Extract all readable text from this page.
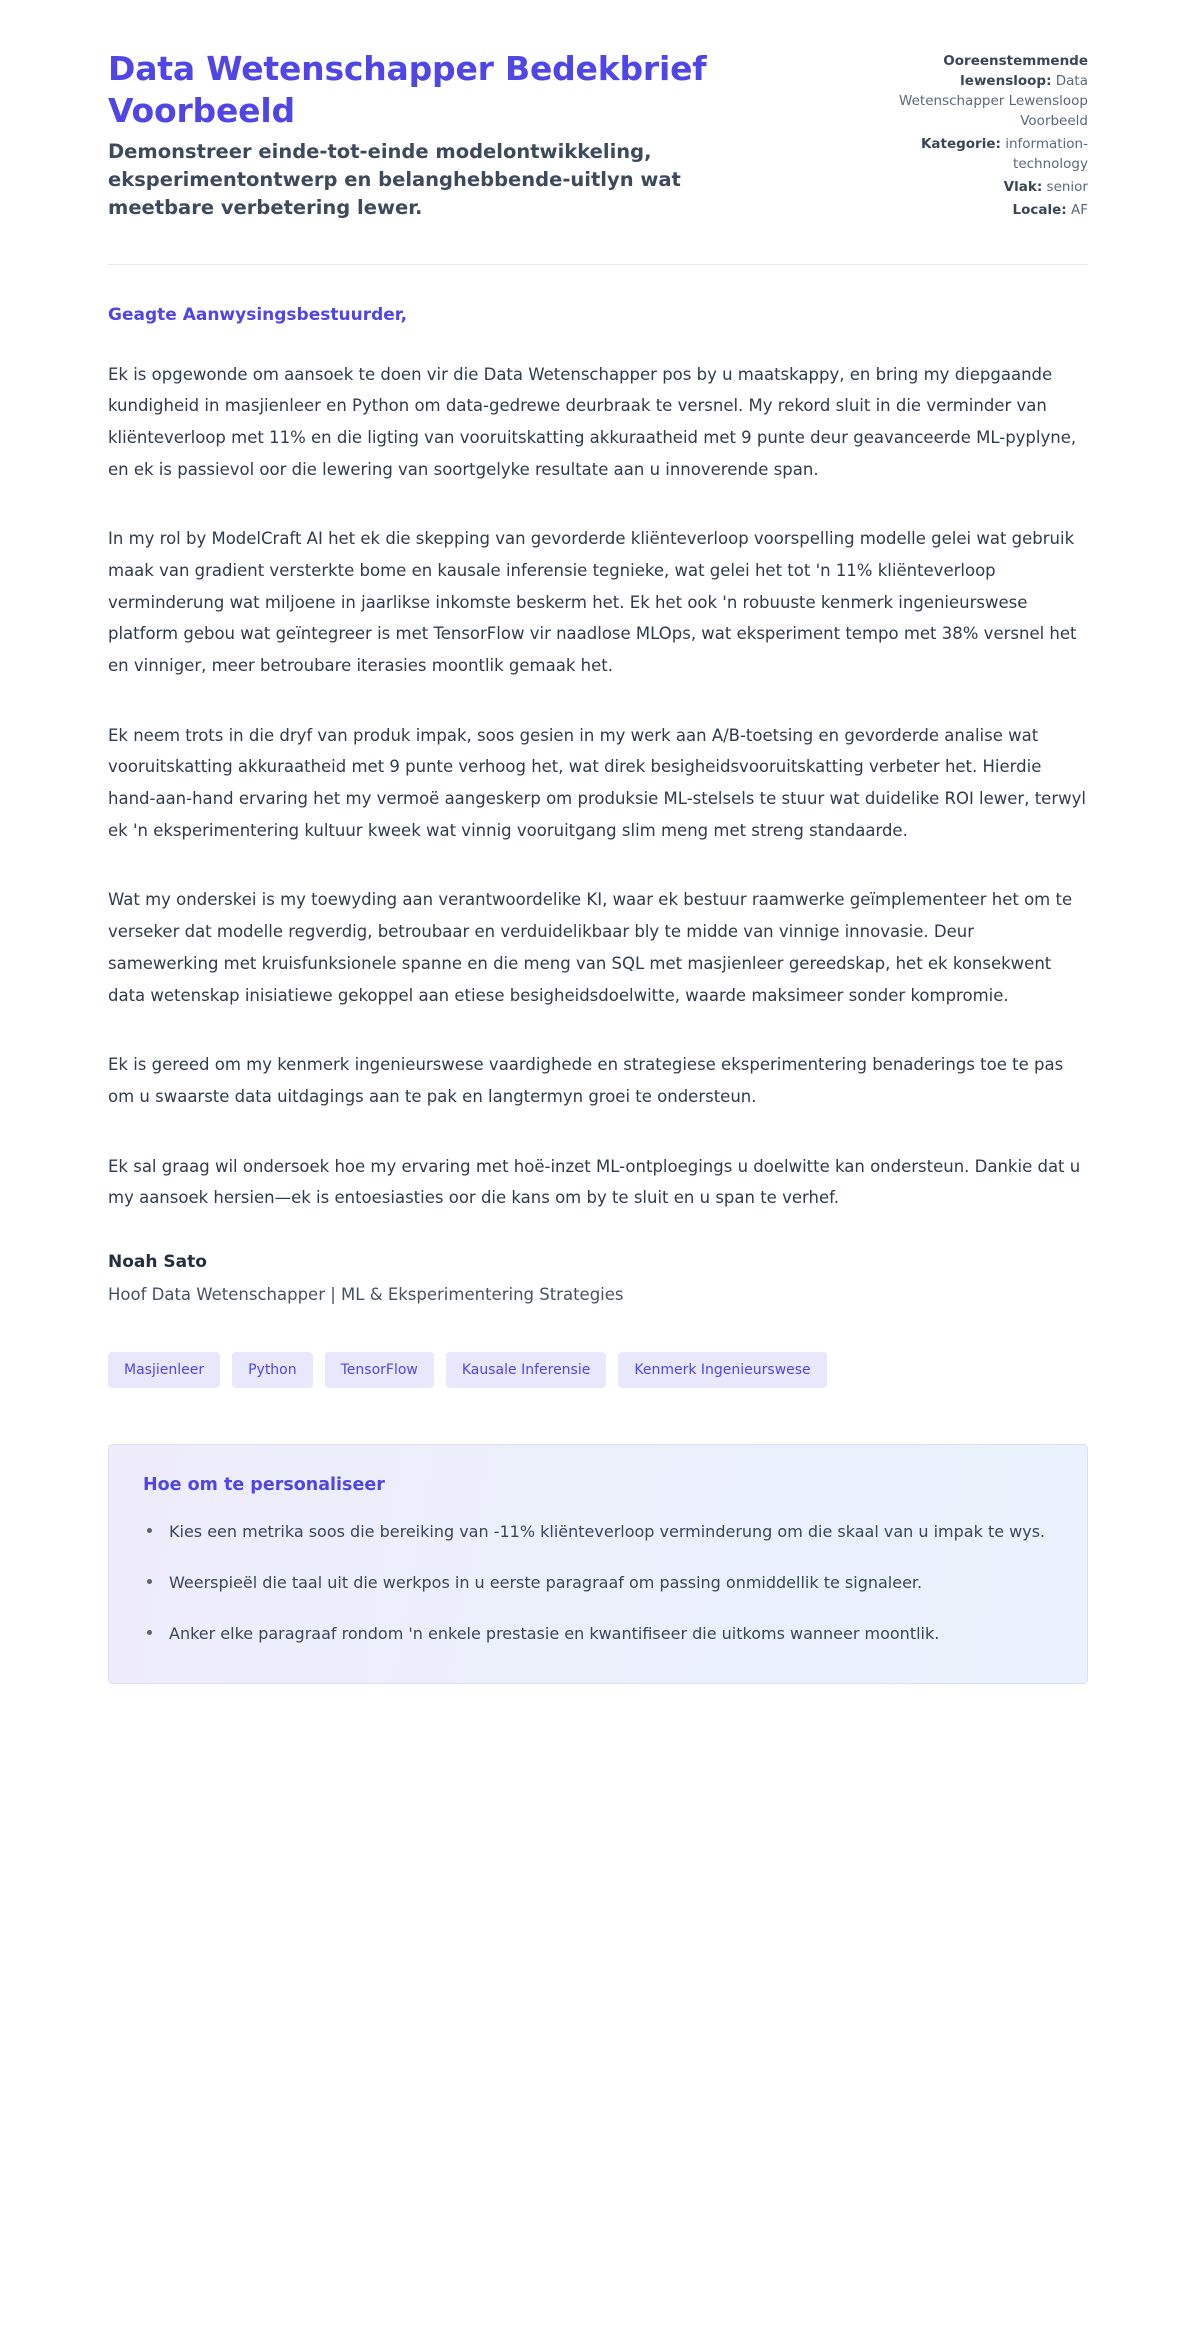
Data Wetenschapper Bedekbrief Voorbeeld

Demonstreer einde-tot-einde modelontwikkeling, eksperimentontwerp en belanghebbende-uitlyn wat meetbare verbetering lewer.

Ooreenstemmende lewensloop: Data Wetenschapper Lewensloop Voorbeeld
Kategorie: information-technology
Vlak: senior
Locale: AF

Geagte Aanwysingsbestuurder,

Ek is opgewonde om aansoek te doen vir die Data Wetenschapper pos by u maatskappy, en bring my diepgaande kundigheid in masjienleer en Python om data-gedrewe deurbraak te versnel. My rekord sluit in die verminder van kliënteverloop met 11% en die ligting van vooruitskatting akkuraatheid met 9 punte deur geavanceerde ML-pyplyne, en ek is passievol oor die lewering van soortgelyke resultate aan u innoverende span.

In my rol by ModelCraft AI het ek die skepping van gevorderde kliënteverloop voorspelling modelle gelei wat gebruik maak van gradient versterkte bome en kausale inferensie tegnieke, wat gelei het tot 'n 11% kliënteverloop verminderung wat miljoene in jaarlikse inkomste beskerm het. Ek het ook 'n robuuste kenmerk ingenieurswese platform gebou wat geïntegreer is met TensorFlow vir naadlose MLOps, wat eksperiment tempo met 38% versnel het en vinniger, meer betroubare iterasies moontlik gemaak het.

Ek neem trots in die dryf van produk impak, soos gesien in my werk aan A/B-toetsing en gevorderde analise wat vooruitskatting akkuraatheid met 9 punte verhoog het, wat direk besigheidsvooruitskatting verbeter het. Hierdie hand-aan-hand ervaring het my vermoë aangeskerp om produksie ML-stelsels te stuur wat duidelike ROI lewer, terwyl ek 'n eksperimentering kultuur kweek wat vinnig vooruitgang slim meng met streng standaarde.

Wat my onderskei is my toewyding aan verantwoordelike KI, waar ek bestuur raamwerke geïmplementeer het om te verseker dat modelle regverdig, betroubaar en verduidelikbaar bly te midde van vinnige innovasie. Deur samewerking met kruisfunksionele spanne en die meng van SQL met masjienleer gereedskap, het ek konsekwent data wetenskap inisiatiewe gekoppel aan etiese besigheidsdoelwitte, waarde maksimeer sonder kompromie.

Ek is gereed om my kenmerk ingenieurswese vaardighede en strategiese eksperimentering benaderings toe te pas om u swaarste data uitdagings aan te pak en langtermyn groei te ondersteun.

Ek sal graag wil ondersoek hoe my ervaring met hoë-inzet ML-ontploegings u doelwitte kan ondersteun. Dankie dat u my aansoek hersien—ek is entoesiasties oor die kans om by te sluit en u span te verhef.

Noah Sato

Hoof Data Wetenschapper | ML & Eksperimentering Strategies

Masjienleer	Python	TensorFlow	Kausale Inferensie	Kenmerk Ingenieurswese

Hoe om te personaliseer

Kies een metrika soos die bereiking van -11% kliënteverloop verminderung om die skaal van u impak te wys.
Weerspieël die taal uit die werkpos in u eerste paragraaf om passing onmiddellik te signaleer.
Anker elke paragraaf rondom 'n enkele prestasie en kwantifiseer die uitkoms wanneer moontlik.
